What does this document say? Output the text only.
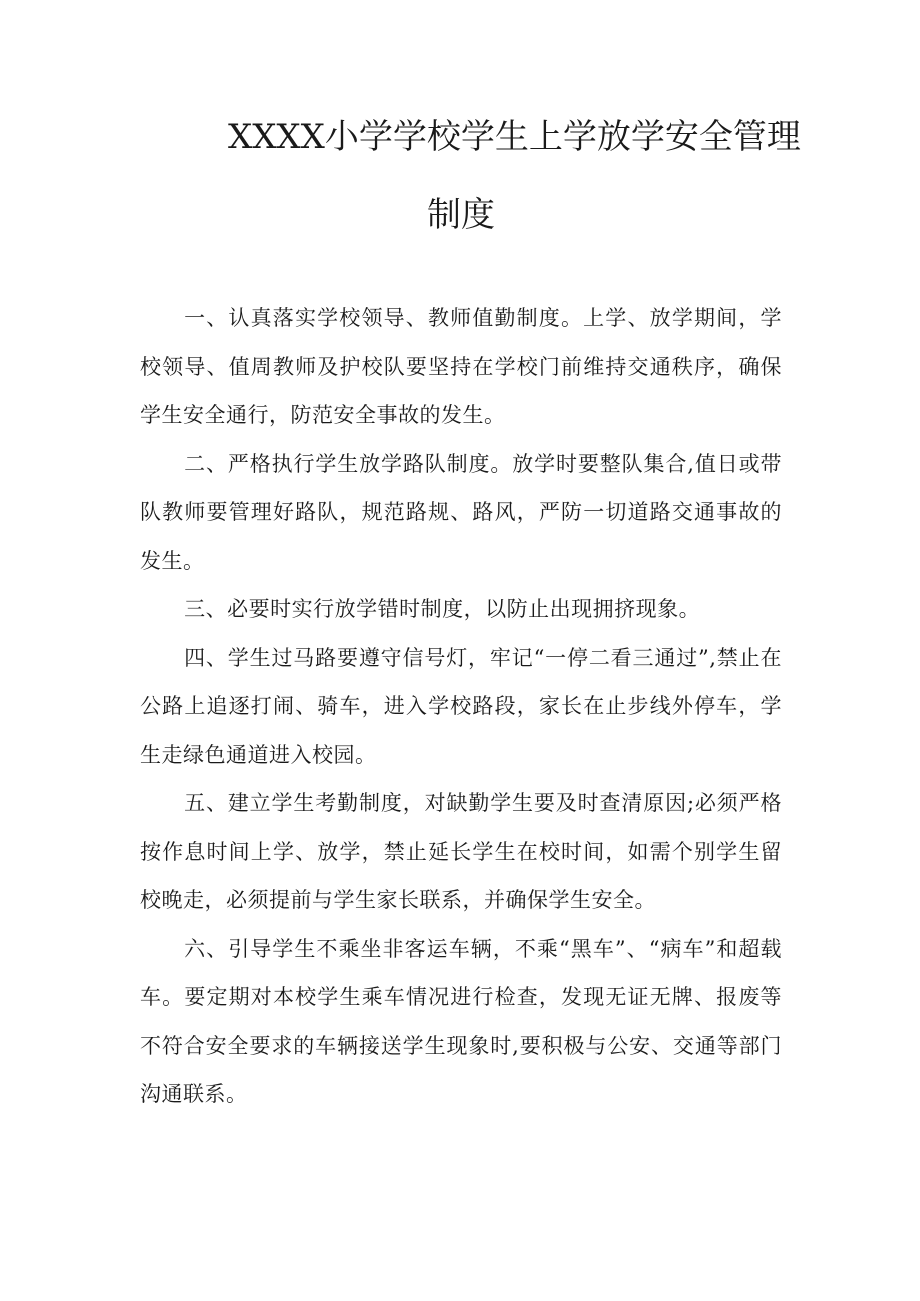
XXXX小学学校学生上学放学安全管理
制度

一、认真落实学校领导、教师值勤制度。上学、放学期间，学校领导、值周教师及护校队要坚持在学校门前维持交通秩序，确保学生安全通行，防范安全事故的发生。

二、严格执行学生放学路队制度。放学时要整队集合,值日或带队教师要管理好路队，规范路规、路风，严防一切道路交通事故的发生。

三、必要时实行放学错时制度，以防止出现拥挤现象。

四、学生过马路要遵守信号灯，牢记“一停二看三通过”,禁止在公路上追逐打闹、骑车，进入学校路段，家长在止步线外停车，学生走绿色通道进入校园。

五、建立学生考勤制度，对缺勤学生要及时查清原因;必须严格按作息时间上学、放学，禁止延长学生在校时间，如需个别学生留校晚走，必须提前与学生家长联系，并确保学生安全。

六、引导学生不乘坐非客运车辆，不乘“黑车”、“病车”和超载车。要定期对本校学生乘车情况进行检查，发现无证无牌、报废等不符合安全要求的车辆接送学生现象时,要积极与公安、交通等部门沟通联系。
